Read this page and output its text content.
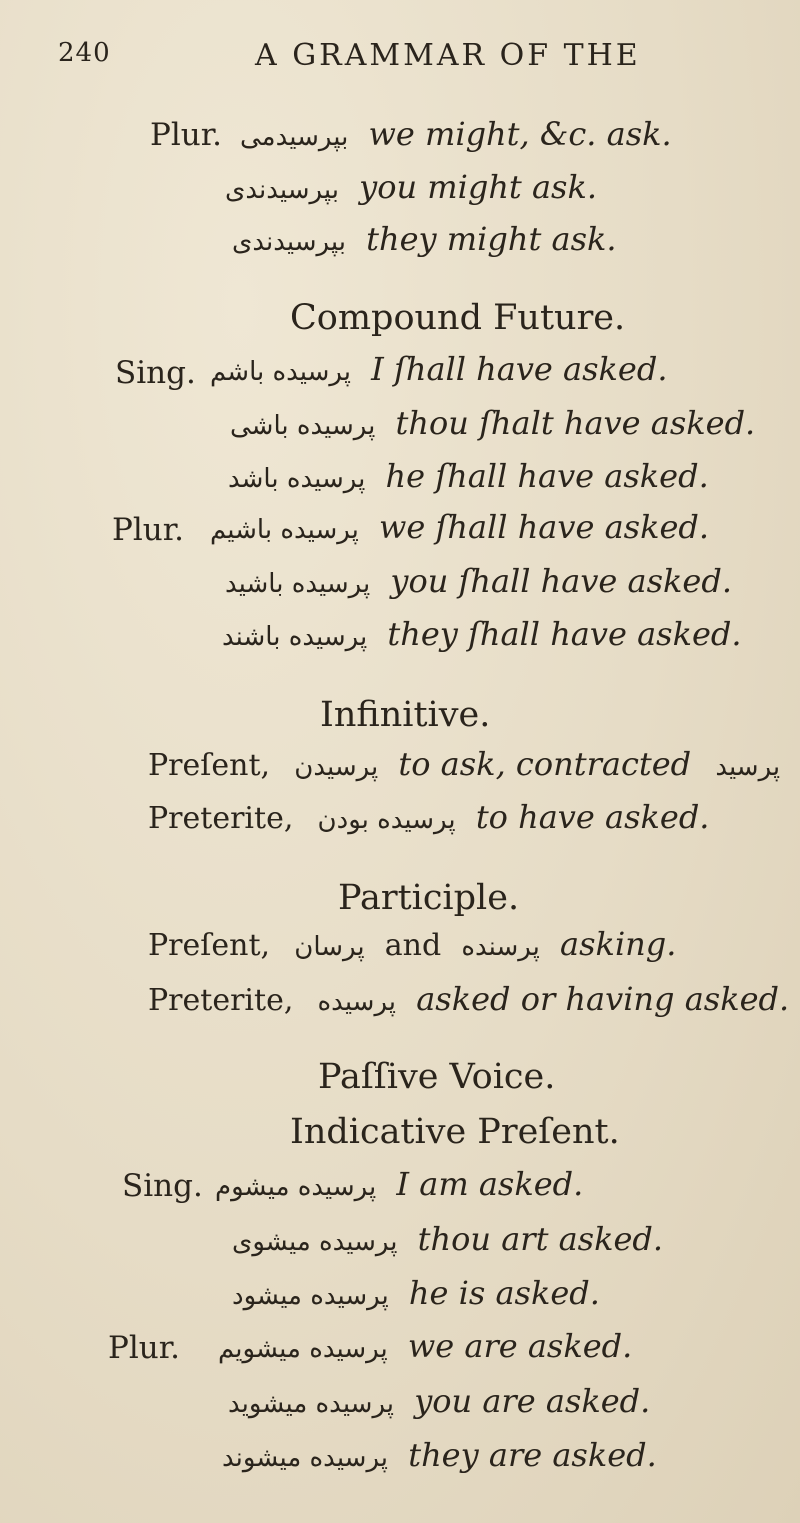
240	A GRAMMAR OF THE
Plur. بپرسيدمی we might, &c. ask.
بپرسيدندی you might ask.
بپرسيدندی they might ask.
Compound Future.
Sing. پرسيده باشم I ſhall have asked.
پرسيده باشی thou ſhalt have asked.
پرسيده باشد he ſhall have asked.
Plur. پرسيده باشيم we ſhall have asked.
پرسيده باشيد you ſhall have asked.
پرسيده باشند they ſhall have asked.
Infinitive.
Preſent, پرسيدن to ask, contracted پرسيد
Preterite, پرسيده بودن to have asked.
Participle.
Preſent, پرسان and پرسنده asking.
Preterite, پرسيده asked or having asked.
Paſſive Voice.
Indicative Preſent.
Sing. پرسيده ميشوم I am asked.
پرسيده ميشوی thou art asked.
پرسيده ميشود he is asked.
Plur. پرسيده ميشويم we are asked.
پرسيده ميشويد you are asked.
پرسيده ميشوند they are asked.
